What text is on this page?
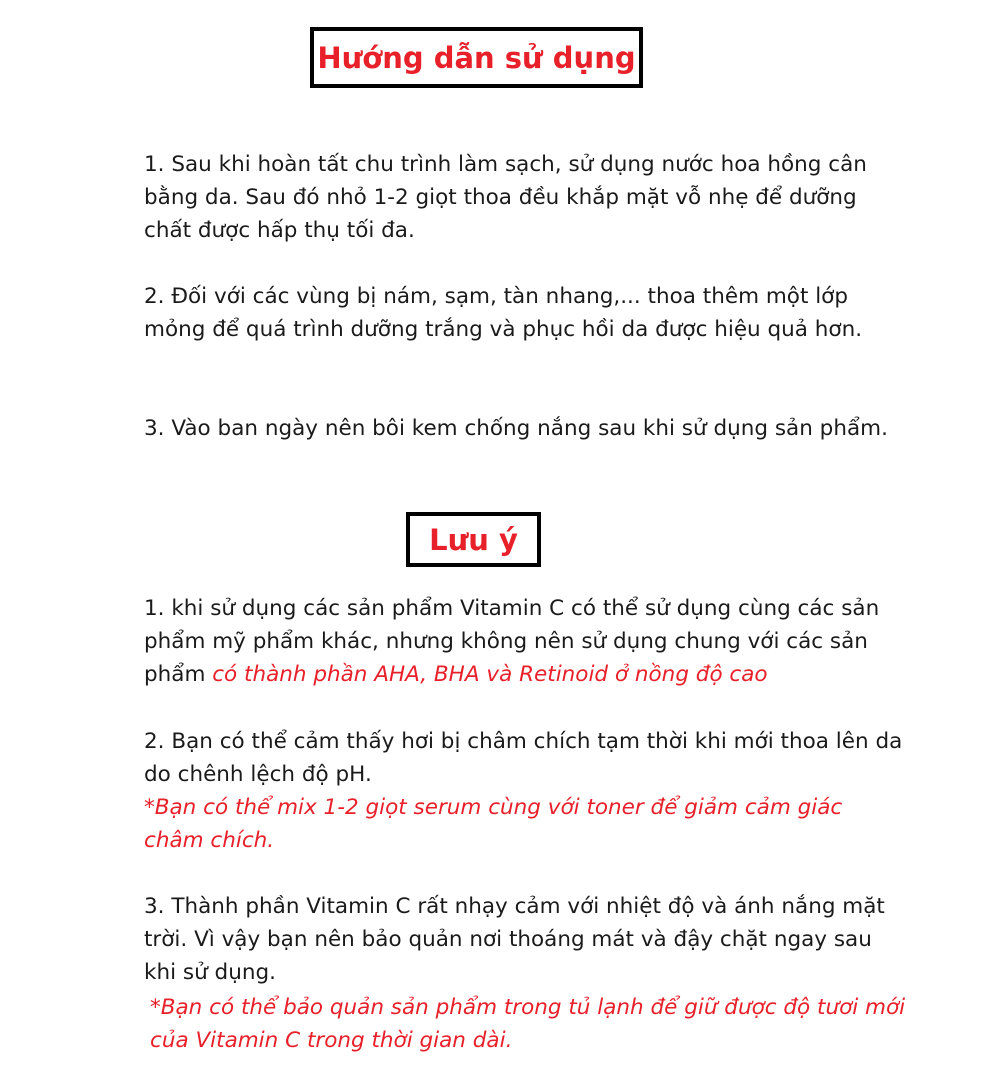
Hướng dẫn sử dụng

1. Sau khi hoàn tất chu trình làm sạch, sử dụng nước hoa hồng cân bằng da. Sau đó nhỏ 1-2 giọt thoa đều khắp mặt vỗ nhẹ để dưỡng chất được hấp thụ tối đa.

2. Đối với các vùng bị nám, sạm, tàn nhang,... thoa thêm một lớp mỏng để quá trình dưỡng trắng và phục hồi da được hiệu quả hơn.

3. Vào ban ngày nên bôi kem chống nắng sau khi sử dụng sản phẩm.

Lưu ý

1. khi sử dụng các sản phẩm Vitamin C có thể sử dụng cùng các sản phẩm mỹ phẩm khác, nhưng không nên sử dụng chung với các sản phẩm có thành phần AHA, BHA và Retinoid ở nồng độ cao

2. Bạn có thể cảm thấy hơi bị châm chích tạm thời khi mới thoa lên da do chênh lệch độ pH.

*Bạn có thể mix 1-2 giọt serum cùng với toner để giảm cảm giác châm chích.

3. Thành phần Vitamin C rất nhạy cảm với nhiệt độ và ánh nắng mặt trời. Vì vậy bạn nên bảo quản nơi thoáng mát và đậy chặt ngay sau khi sử dụng.

*Bạn có thể bảo quản sản phẩm trong tủ lạnh để giữ được độ tươi mới của Vitamin C trong thời gian dài.
